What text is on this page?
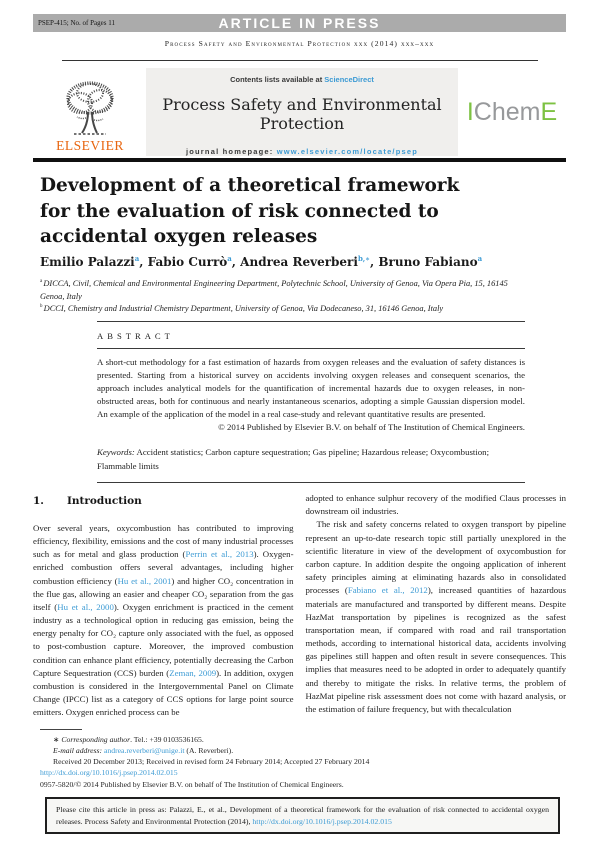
PSEP-415; No. of Pages 11	ARTICLE IN PRESS
Process Safety and Environmental Protection xxx (2014) xxx–xxx
ELSEVIER
Contents lists available at ScienceDirect
Process Safety and Environmental Protection
journal homepage: www.elsevier.com/locate/psep
IChemE
Development of a theoretical framework for the evaluation of risk connected to accidental oxygen releases
Emilio Palazzi$^a$, Fabio Currò$^a$, Andrea Reverberi$^{b,∗}$, Bruno Fabiano$^a$
$^a$ DICCA, Civil, Chemical and Environmental Engineering Department, Polytechnic School, University of Genoa, Via Opera Pia, 15, 16145 Genoa, Italy
$^b$ DCCI, Chemistry and Industrial Chemistry Department, University of Genoa, Via Dodecaneso, 31, 16146 Genoa, Italy
ABSTRACT

A short-cut methodology for a fast estimation of hazards from oxygen releases and the evaluation of safety distances is presented. Starting from a historical survey on accidents involving oxygen releases and consequent scenarios, the approach includes analytical models for the quantification of incremental hazards due to oxygen releases, in non-obstructed areas, both for continuous and nearly instantaneous scenarios, adopting a simple Gaussian dispersion model. An example of the application of the model in a real case-study and relevant quantitative results are presented.

© 2014 Published by Elsevier B.V. on behalf of The Institution of Chemical Engineers.
Keywords: Accident statistics; Carbon capture sequestration; Gas pipeline; Hazardous release; Oxycombustion; Flammable limits
1.	Introduction

Over several years, oxycombustion has contributed to improving efficiency, flexibility, emissions and the cost of many industrial processes such as for metal and glass production (Perrin et al., 2013). Oxygen-enriched combustion offers several advantages, including higher combustion efficiency (Hu et al., 2001) and higher CO₂ concentration in the flue gas, allowing an easier and cheaper CO₂ separation from the gas itself (Hu et al., 2000). Oxygen enrichment is practiced in the cement industry as a technological option in reducing gas emission, being the energy penalty for CO₂ capture only associated with the fuel, as opposed to post-combustion capture. Moreover, the improved combustion condition can enhance plant efficiency, potentially decreasing the Carbon Capture Sequestration (CCS) burden (Zeman, 2009). In addition, oxygen combustion is considered in the Intergovernmental Panel on Climate Change (IPCC) list as a category of CCS options for large point source emitters. Oxygen enriched process can be

adopted to enhance sulphur recovery of the modified Claus processes in downstream oil industries.

The risk and safety concerns related to oxygen transport by pipeline represent an up-to-date research topic still partially unexplored in the scientific literature in view of the development of oxycombustion for carbon capture. In addition despite the ongoing application of inherent safety principles aiming at eliminating hazards also in consolidated processes (Fabiano et al., 2012), increased quantities of hazardous materials are manufactured and transported by different means. Despite HazMat transportation by pipelines is recognized as the safest transportation mean, if compared with road and rail transportation methods, according to international historical data, accidents involving gas pipelines still happen and often result in severe consequences. This implies that measures need to be adopted in order to adequately quantify and thereby to mitigate the risks. In relative terms, the problem of HazMat pipeline risk assessment does not come with hazard analysis, or the estimation of failure frequency, but with thecalculation

∗ Corresponding author. Tel.: +39 0103536165.
E-mail address: andrea.reverberi@unige.it (A. Reverberi).
Received 20 December 2013; Received in revised form 24 February 2014; Accepted 27 February 2014
http://dx.doi.org/10.1016/j.psep.2014.02.015
0957-5820/© 2014 Published by Elsevier B.V. on behalf of The Institution of Chemical Engineers.
Please cite this article in press as: Palazzi, E., et al., Development of a theoretical framework for the evaluation of risk connected to accidental oxygen releases. Process Safety and Environmental Protection (2014), http://dx.doi.org/10.1016/j.psep.2014.02.015
